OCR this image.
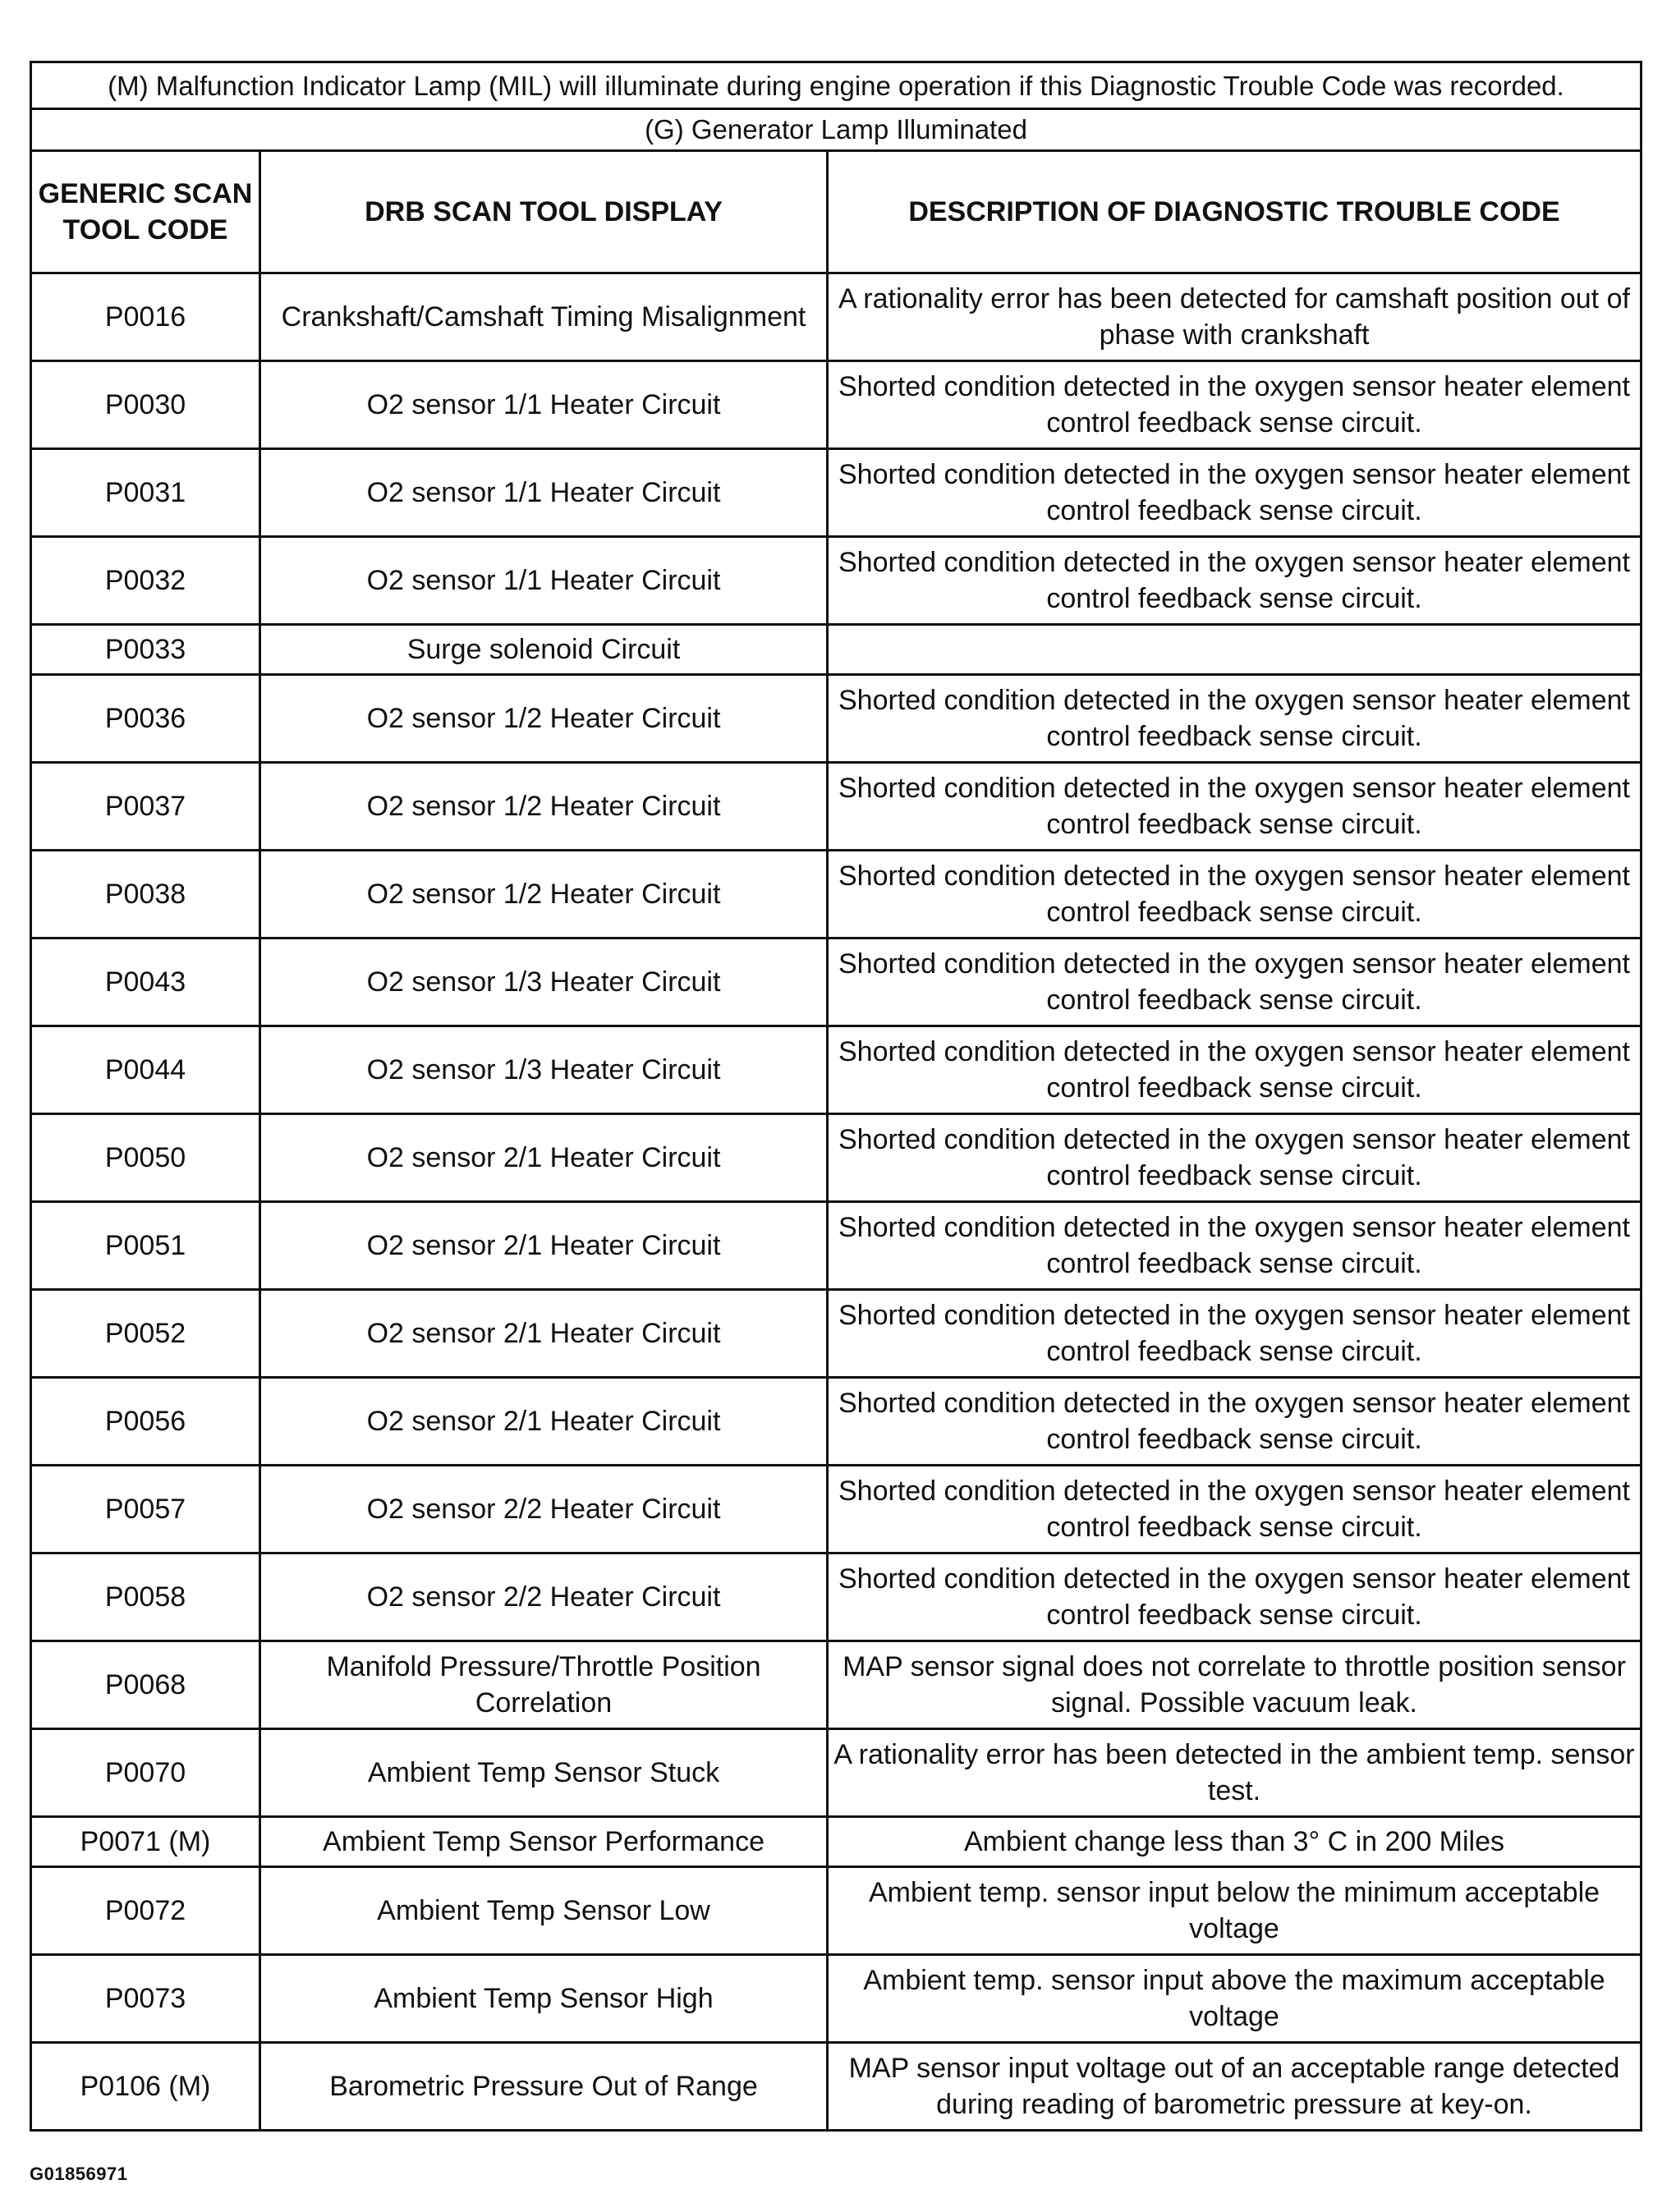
(M) Malfunction Indicator Lamp (MIL) will illuminate during engine operation if this Diagnostic Trouble Code was recorded.
(G) Generator Lamp Illuminated
GENERIC SCAN TOOL CODE	DRB SCAN TOOL DISPLAY	DESCRIPTION OF DIAGNOSTIC TROUBLE CODE
P0016	Crankshaft/Camshaft Timing Misalignment	A rationality error has been detected for camshaft position out of phase with crankshaft
P0030	O2 sensor 1/1 Heater Circuit	Shorted condition detected in the oxygen sensor heater element control feedback sense circuit.
P0031	O2 sensor 1/1 Heater Circuit	Shorted condition detected in the oxygen sensor heater element control feedback sense circuit.
P0032	O2 sensor 1/1 Heater Circuit	Shorted condition detected in the oxygen sensor heater element control feedback sense circuit.
P0033	Surge solenoid Circuit	
P0036	O2 sensor 1/2 Heater Circuit	Shorted condition detected in the oxygen sensor heater element control feedback sense circuit.
P0037	O2 sensor 1/2 Heater Circuit	Shorted condition detected in the oxygen sensor heater element control feedback sense circuit.
P0038	O2 sensor 1/2 Heater Circuit	Shorted condition detected in the oxygen sensor heater element control feedback sense circuit.
P0043	O2 sensor 1/3 Heater Circuit	Shorted condition detected in the oxygen sensor heater element control feedback sense circuit.
P0044	O2 sensor 1/3 Heater Circuit	Shorted condition detected in the oxygen sensor heater element control feedback sense circuit.
P0050	O2 sensor 2/1 Heater Circuit	Shorted condition detected in the oxygen sensor heater element control feedback sense circuit.
P0051	O2 sensor 2/1 Heater Circuit	Shorted condition detected in the oxygen sensor heater element control feedback sense circuit.
P0052	O2 sensor 2/1 Heater Circuit	Shorted condition detected in the oxygen sensor heater element control feedback sense circuit.
P0056	O2 sensor 2/1 Heater Circuit	Shorted condition detected in the oxygen sensor heater element control feedback sense circuit.
P0057	O2 sensor 2/2 Heater Circuit	Shorted condition detected in the oxygen sensor heater element control feedback sense circuit.
P0058	O2 sensor 2/2 Heater Circuit	Shorted condition detected in the oxygen sensor heater element control feedback sense circuit.
P0068	Manifold Pressure/Throttle Position Correlation	MAP sensor signal does not correlate to throttle position sensor signal. Possible vacuum leak.
P0070	Ambient Temp Sensor Stuck	A rationality error has been detected in the ambient temp. sensor test.
P0071 (M)	Ambient Temp Sensor Performance	Ambient change less than 3° C in 200 Miles
P0072	Ambient Temp Sensor Low	Ambient temp. sensor input below the minimum acceptable voltage
P0073	Ambient Temp Sensor High	Ambient temp. sensor input above the maximum acceptable voltage
P0106 (M)	Barometric Pressure Out of Range	MAP sensor input voltage out of an acceptable range detected during reading of barometric pressure at key-on.
G01856971
